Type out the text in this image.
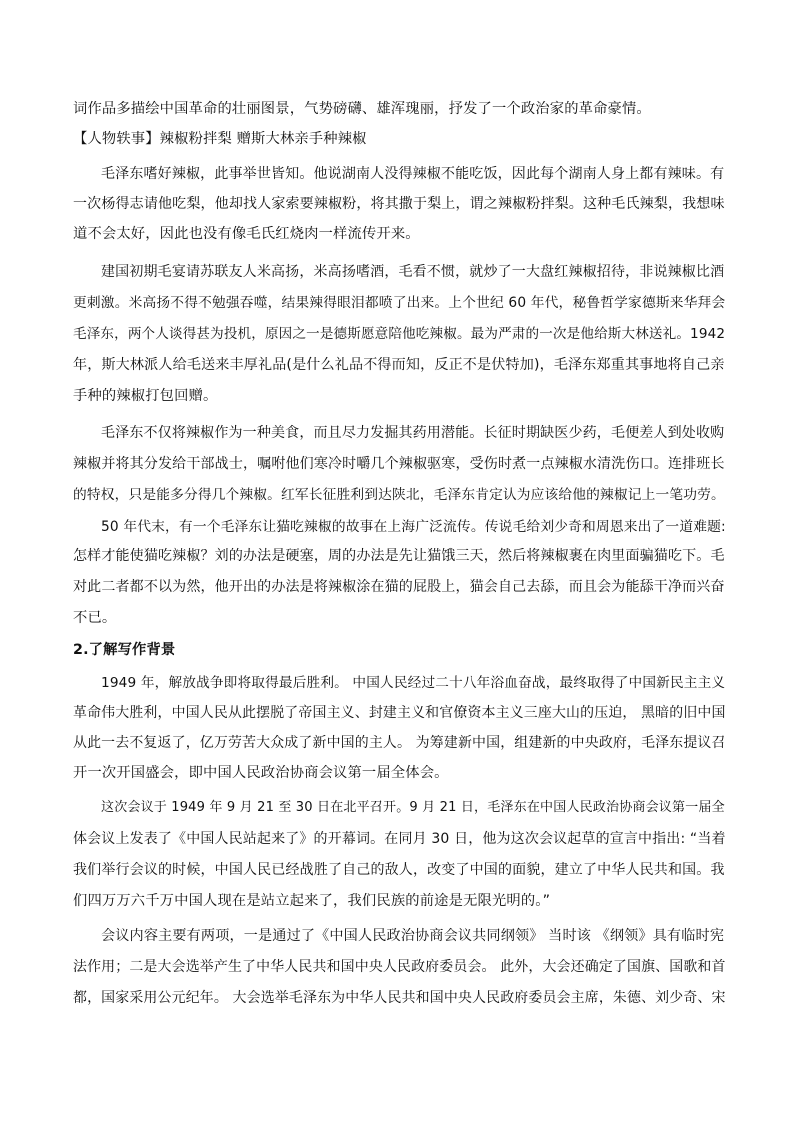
词作品多描绘中国革命的壮丽图景，气势磅礴、雄浑瑰丽，抒发了一个政治家的革命豪情。
【人物轶事】辣椒粉拌梨 赠斯大林亲手种辣椒
毛泽东嗜好辣椒，此事举世皆知。他说湖南人没得辣椒不能吃饭，因此每个湖南人身上都有辣味。有
一次杨得志请他吃梨，他却找人家索要辣椒粉，将其撒于梨上，谓之辣椒粉拌梨。这种毛氏辣梨，我想味
道不会太好，因此也没有像毛氏红烧肉一样流传开来。
建国初期毛宴请苏联友人米高扬，米高扬嗜酒，毛看不惯，就炒了一大盘红辣椒招待，非说辣椒比酒
更刺激。米高扬不得不勉强吞噬，结果辣得眼泪都喷了出来。上个世纪 60 年代，秘鲁哲学家德斯来华拜会
毛泽东，两个人谈得甚为投机，原因之一是德斯愿意陪他吃辣椒。最为严肃的一次是他给斯大林送礼。1942
年，斯大林派人给毛送来丰厚礼品(是什么礼品不得而知，反正不是伏特加)，毛泽东郑重其事地将自己亲
手种的辣椒打包回赠。
毛泽东不仅将辣椒作为一种美食，而且尽力发掘其药用潜能。长征时期缺医少药，毛便差人到处收购
辣椒并将其分发给干部战士，嘱咐他们寒冷时嚼几个辣椒驱寒，受伤时煮一点辣椒水清洗伤口。连排班长
的特权，只是能多分得几个辣椒。红军长征胜利到达陕北，毛泽东肯定认为应该给他的辣椒记上一笔功劳。
50 年代末，有一个毛泽东让猫吃辣椒的故事在上海广泛流传。传说毛给刘少奇和周恩来出了一道难题:
怎样才能使猫吃辣椒？刘的办法是硬塞，周的办法是先让猫饿三天，然后将辣椒裹在肉里面骗猫吃下。毛
对此二者都不以为然，他开出的办法是将辣椒涂在猫的屁股上，猫会自己去舔，而且会为能舔干净而兴奋
不已。
2.了解写作背景
1949 年，解放战争即将取得最后胜利。 中国人民经过二十八年浴血奋战，最终取得了中国新民主主义
革命伟大胜利，中国人民从此摆脱了帝国主义、封建主义和官僚资本主义三座大山的压迫， 黑暗的旧中国
从此一去不复返了，亿万劳苦大众成了新中国的主人。 为筹建新中国，组建新的中央政府，毛泽东提议召
开一次开国盛会，即中国人民政治协商会议第一届全体会。
这次会议于 1949 年 9 月 21 至 30 日在北平召开。9 月 21 日，毛泽东在中国人民政治协商会议第一届全
体会议上发表了《中国人民站起来了》的开幕词。在同月 30 日，他为这次会议起草的宣言中指出: “当着
我们举行会议的时候，中国人民已经战胜了自己的敌人，改变了中国的面貌，建立了中华人民共和国。我
们四万万六千万中国人现在是站立起来了，我们民族的前途是无限光明的。”
会议内容主要有两项，一是通过了《中国人民政治协商会议共同纲领》 当时该 《纲领》具有临时宪
法作用；二是大会选举产生了中华人民共和国中央人民政府委员会。 此外，大会还确定了国旗、国歌和首
都，国家采用公元纪年。 大会选举毛泽东为中华人民共和国中央人民政府委员会主席，朱德、刘少奇、宋
